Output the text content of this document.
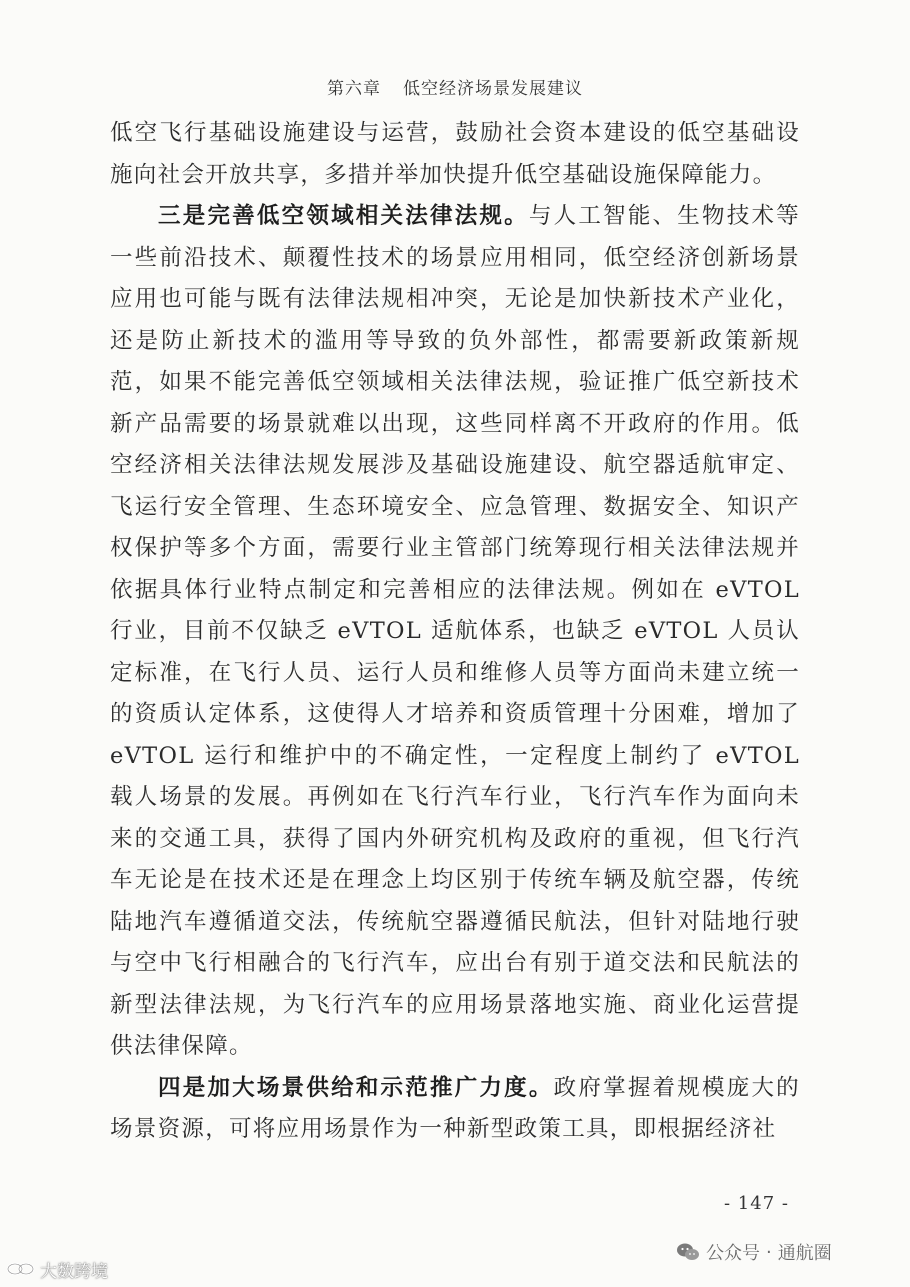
第六章 低空经济场景发展建议

低空飞行基础设施建设与运营，鼓励社会资本建设的低空基础设施向社会开放共享，多措并举加快提升低空基础设施保障能力。

三是完善低空领域相关法律法规。与人工智能、生物技术等一些前沿技术、颠覆性技术的场景应用相同，低空经济创新场景应用也可能与既有法律法规相冲突，无论是加快新技术产业化，还是防止新技术的滥用等导致的负外部性，都需要新政策新规范，如果不能完善低空领域相关法律法规，验证推广低空新技术新产品需要的场景就难以出现，这些同样离不开政府的作用。低空经济相关法律法规发展涉及基础设施建设、航空器适航审定、飞运行安全管理、生态环境安全、应急管理、数据安全、知识产权保护等多个方面，需要行业主管部门统筹现行相关法律法规并依据具体行业特点制定和完善相应的法律法规。例如在 eVTOL 行业，目前不仅缺乏 eVTOL 适航体系，也缺乏 eVTOL 人员认定标准，在飞行人员、运行人员和维修人员等方面尚未建立统一的资质认定体系，这使得人才培养和资质管理十分困难，增加了 eVTOL 运行和维护中的不确定性，一定程度上制约了 eVTOL 载人场景的发展。再例如在飞行汽车行业，飞行汽车作为面向未来的交通工具，获得了国内外研究机构及政府的重视，但飞行汽车无论是在技术还是在理念上均区别于传统车辆及航空器，传统陆地汽车遵循道交法，传统航空器遵循民航法，但针对陆地行驶与空中飞行相融合的飞行汽车，应出台有别于道交法和民航法的新型法律法规，为飞行汽车的应用场景落地实施、商业化运营提供法律保障。

四是加大场景供给和示范推广力度。政府掌握着规模庞大的场景资源，可将应用场景作为一种新型政策工具，即根据经济社

- 147 -
大数跨境
公众号 · 通航圈
